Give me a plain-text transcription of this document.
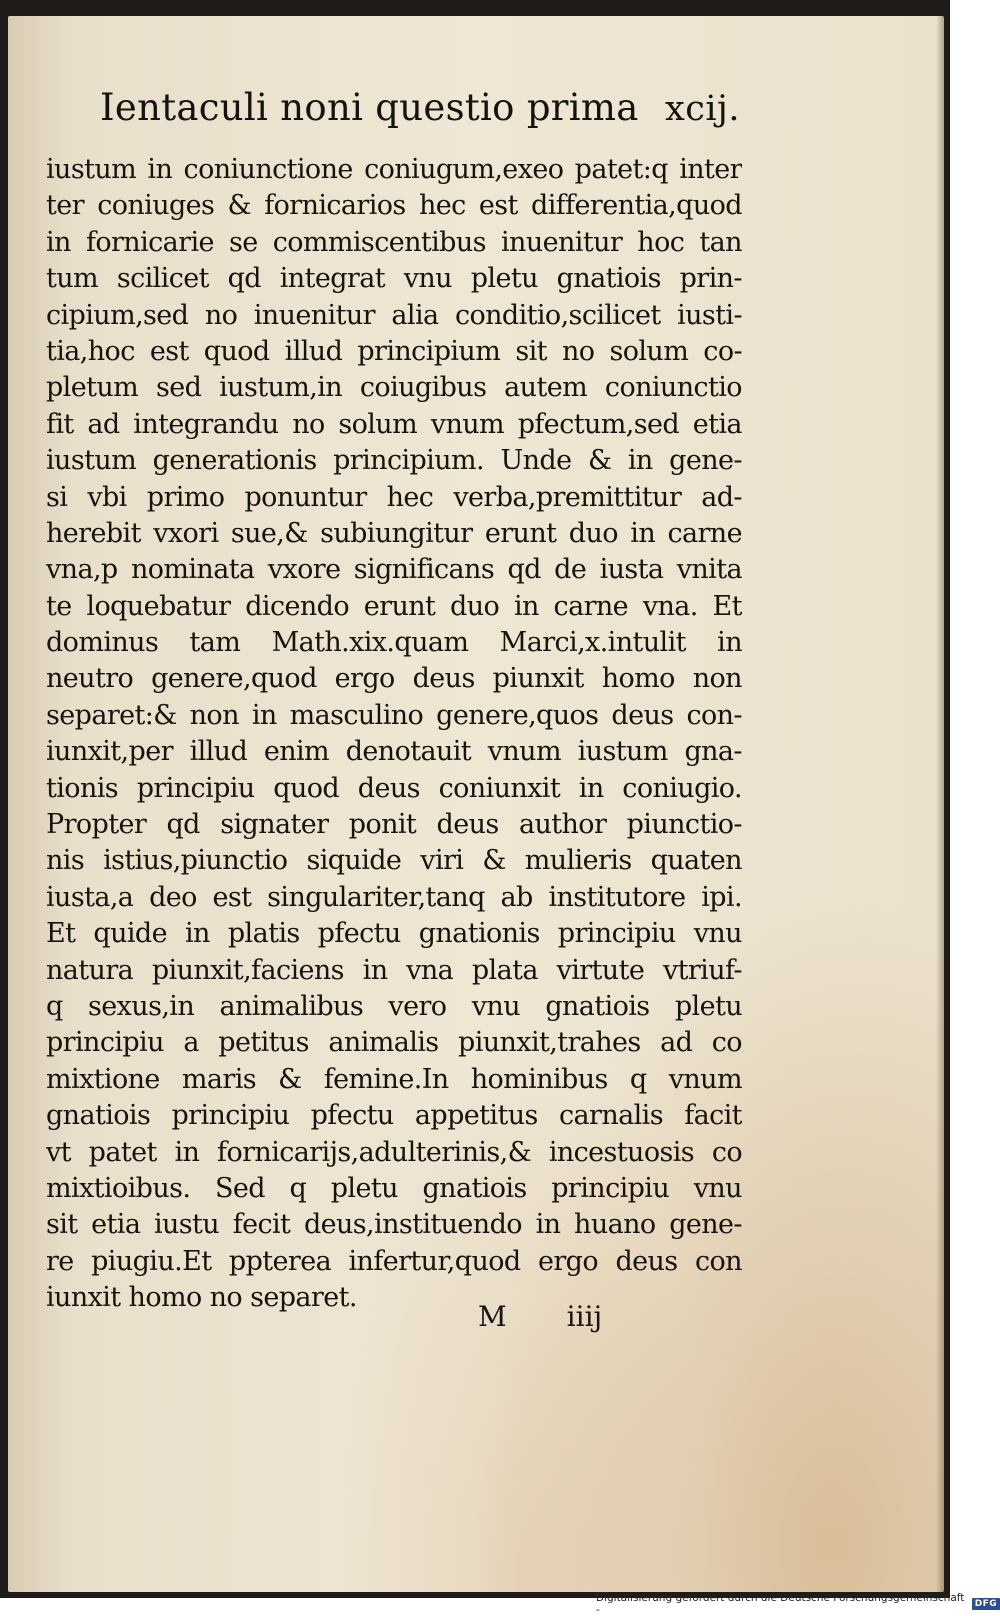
Ientaculi noni questio prima xcij.
iustum in coniunctione coniugum,exeo patet:q inter
ter coniuges & fornicarios hec est differentia,quod
in fornicarie se commiscentibus inuenitur hoc tan
tum scilicet qd integrat vnu pletu gnatiois prin-
cipium,sed no inuenitur alia conditio,scilicet iusti-
tia,hoc est quod illud principium sit no solum co-
pletum sed iustum,in coiugibus autem coniunctio
fit ad integrandu no solum vnum pfectum,sed etia
iustum generationis principium. Unde & in gene-
si vbi primo ponuntur hec verba,premittitur ad-
herebit vxori sue,& subiungitur erunt duo in carne
vna,p nominata vxore significans qd de iusta vnita
te loquebatur dicendo erunt duo in carne vna. Et
dominus tam Math.xix.quam Marci,x.intulit in
neutro genere,quod ergo deus piunxit homo non
separet:& non in masculino genere,quos deus con-
iunxit,per illud enim denotauit vnum iustum gna-
tionis principiu quod deus coniunxit in coniugio.
Propter qd signater ponit deus author piunctio-
nis istius,piunctio siquide viri & mulieris quaten
iusta,a deo est singulariter,tanq ab institutore ipi.
Et quide in platis pfectu gnationis principiu vnu
natura piunxit,faciens in vna plata virtute vtriuf-
q sexus,in animalibus vero vnu gnatiois pletu
principiu a petitus animalis piunxit,trahes ad co
mixtione maris & femine.In hominibus q vnum
gnatiois principiu pfectu appetitus carnalis facit
vt patet in fornicarijs,adulterinis,& incestuosis co
mixtioibus. Sed q pletu gnatiois principiu vnu
sit etia iustu fecit deus,instituendo in huano gene-
re piugiu.Et ppterea infertur,quod ergo deus con
iunxit homo no separet.
M iiij
Digitalisierung gefördert durch die Deutsche Forschungsgemeinschaft -	DFG
